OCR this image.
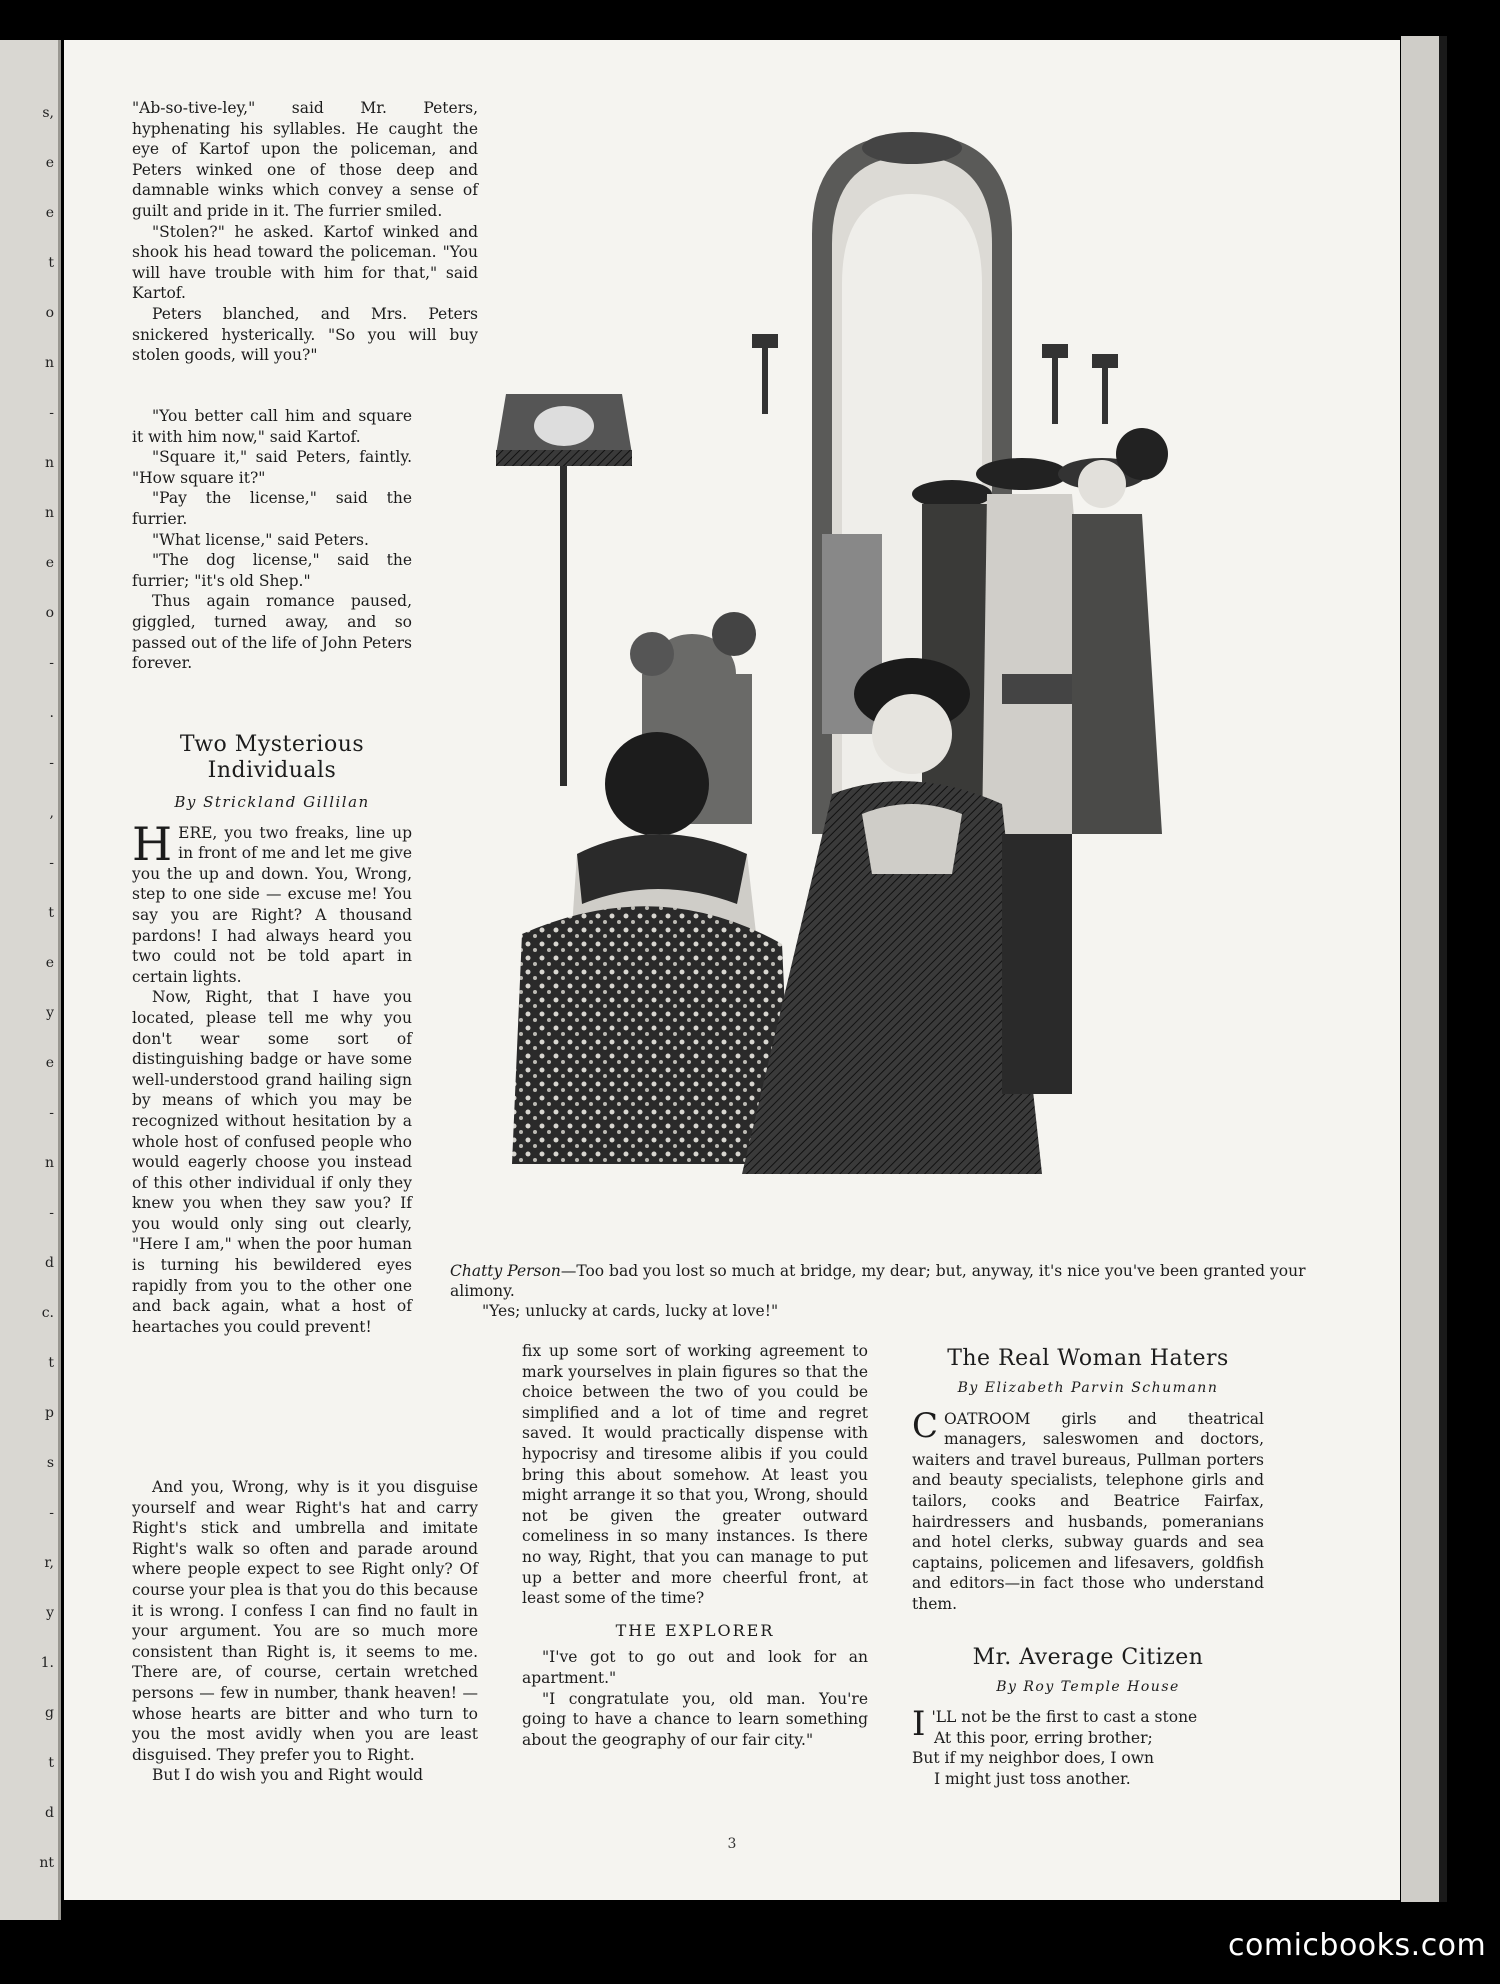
s,
e
e
t
o
n
-
n
n
e
o
-
.
-
,
-
t
e
y
e
-
n
-
d
c.
t
p
s
-
r,
y
1.
g
t
d
nt

"Ab-so-tive-ley," said Mr. Peters, hyphenating his syllables. He caught the eye of Kartof upon the policeman, and Peters winked one of those deep and damnable winks which convey a sense of guilt and pride in it. The furrier smiled.

"Stolen?" he asked. Kartof winked and shook his head toward the policeman. "You will have trouble with him for that," said Kartof.

Peters blanched, and Mrs. Peters snickered hysterically. "So you will buy stolen goods, will you?"

"You better call him and square it with him now," said Kartof.

"Square it," said Peters, faintly. "How square it?"

"Pay the license," said the furrier.

"What license," said Peters.

"The dog license," said the furrier; "it's old Shep."

Thus again romance paused, giggled, turned away, and so passed out of the life of John Peters forever.

Two Mysterious
Individuals
By Strickland Gillilan

HERE, you two freaks, line up in front of me and let me give you the up and down. You, Wrong, step to one side — excuse me! You say you are Right? A thousand pardons! I had always heard you two could not be told apart in certain lights.

Now, Right, that I have you located, please tell me why you don't wear some sort of distinguishing badge or have some well-understood grand hailing sign by means of which you may be recognized without hesitation by a whole host of confused people who would eagerly choose you instead of this other individual if only they knew you when they saw you? If you would only sing out clearly, "Here I am," when the poor human is turning his bewildered eyes rapidly from you to the other one and back again, what a host of heartaches you could prevent!

And you, Wrong, why is it you disguise yourself and wear Right's hat and carry Right's stick and umbrella and imitate Right's walk so often and parade around where people expect to see Right only? Of course your plea is that you do this because it is wrong. I confess I can find no fault in your argument. You are so much more consistent than Right is, it seems to me. There are, of course, certain wretched persons — few in number, thank heaven! — whose hearts are bitter and who turn to you the most avidly when you are least disguised. They prefer you to Right.

But I do wish you and Right would

fix up some sort of working agreement to mark yourselves in plain figures so that the choice between the two of you could be simplified and a lot of time and regret saved. It would practically dispense with hypocrisy and tiresome alibis if you could bring this about somehow. At least you might arrange it so that you, Wrong, should not be given the greater outward comeliness in so many instances. Is there no way, Right, that you can manage to put up a better and more cheerful front, at least some of the time?

THE EXPLORER

"I've got to go out and look for an apartment."

"I congratulate you, old man. You're going to have a chance to learn something about the geography of our fair city."

The Real Woman Haters
By Elizabeth Parvin Schumann

COATROOM girls and theatrical managers, saleswomen and doctors, waiters and travel bureaus, Pullman porters and beauty specialists, telephone girls and tailors, cooks and Beatrice Fairfax, hairdressers and husbands, pomeranians and hotel clerks, subway guards and sea captains, policemen and lifesavers, goldfish and editors—in fact those who understand them.

Mr. Average Citizen
By Roy Temple House
I 'LL not be the first to cast a stone
At this poor, erring brother;
But if my neighbor does, I own
I might just toss another.
Chatty Person—Too bad you lost so much at bridge, my dear; but, anyway, it's nice you've been granted your alimony.
"Yes; unlucky at cards, lucky at love!"
3
comicbooks.com
